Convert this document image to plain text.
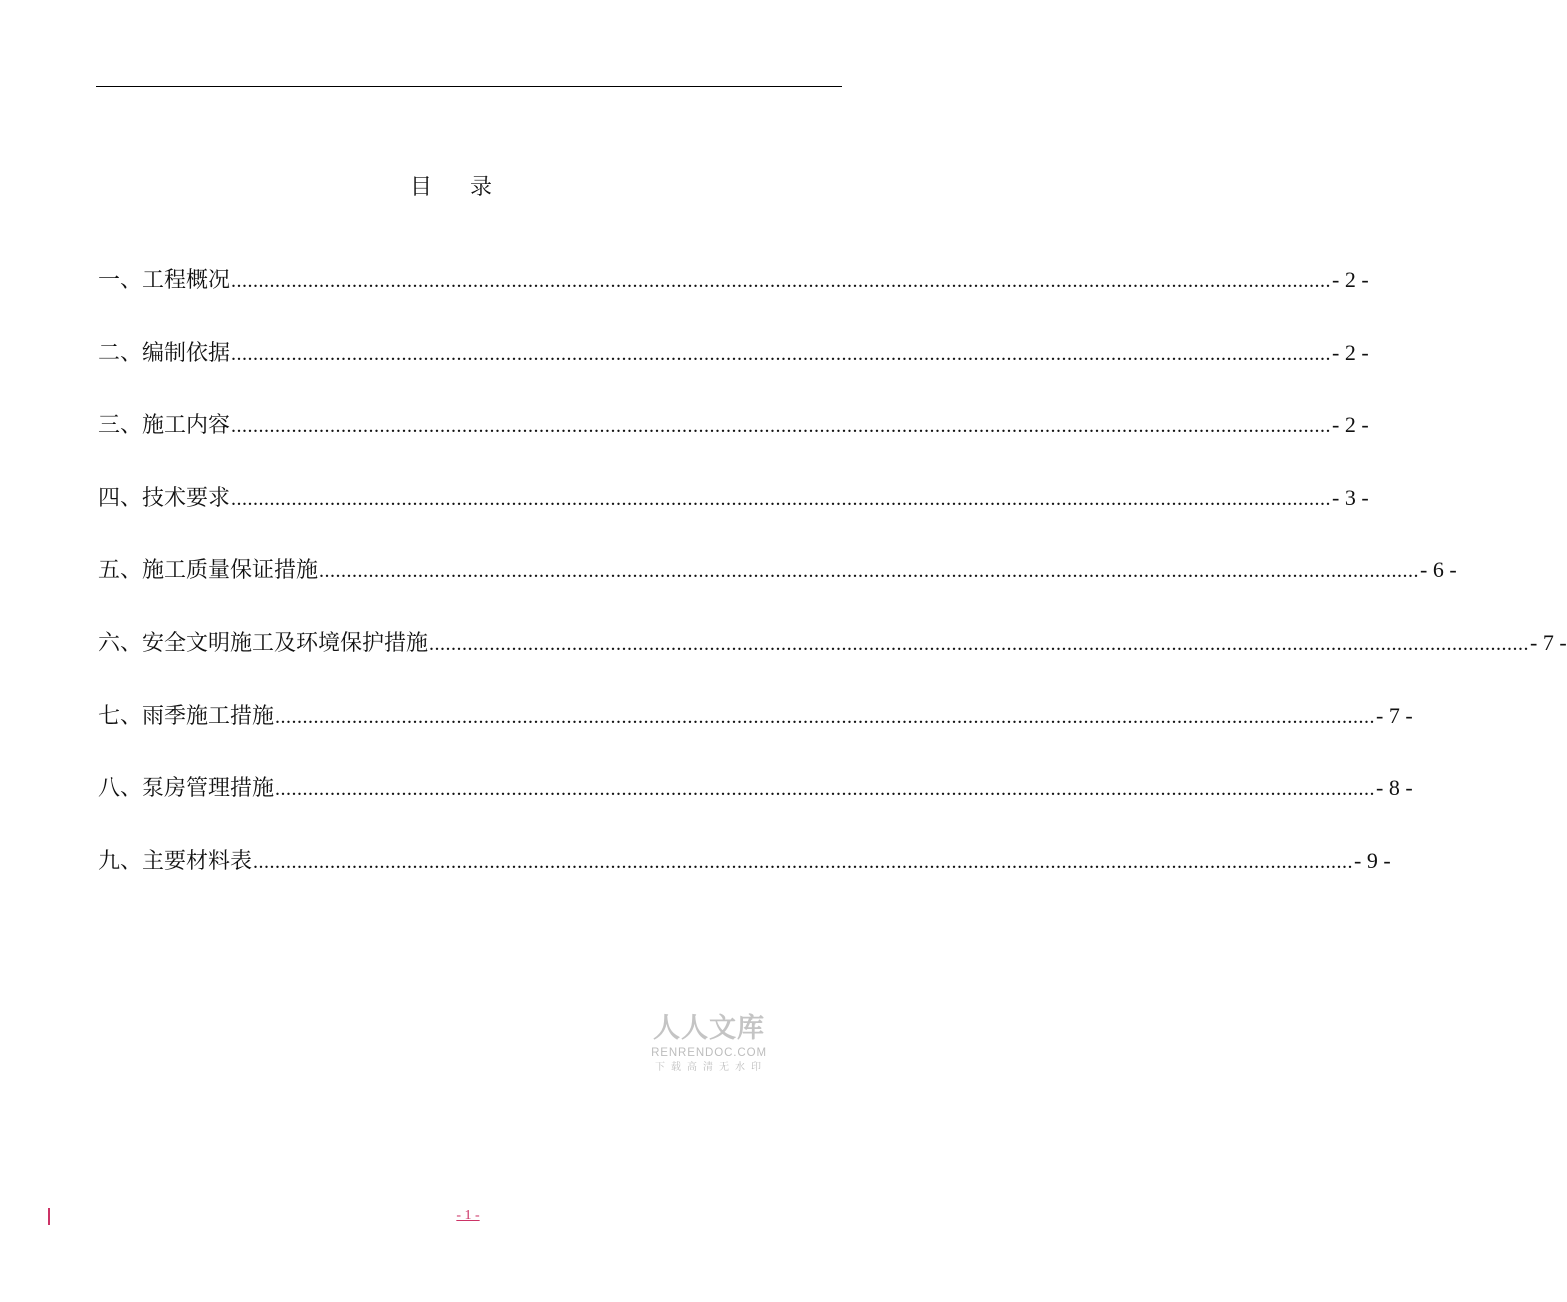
目录
一、 工程概况 ........................................................................................................................................................................................................ - 2 -
二、 编制依据 ........................................................................................................................................................................................................ - 2 -
三、 施工内容 ........................................................................................................................................................................................................ - 2 -
四、 技术要求 ........................................................................................................................................................................................................ - 3 -
五、 施工质量保证措施 ........................................................................................................................................................................................................ - 6 -
六、 安全文明施工及环境保护措施 ........................................................................................................................................................................................................ - 7 -
七、 雨季施工措施 ........................................................................................................................................................................................................ - 7 -
八、 泵房管理措施 ........................................................................................................................................................................................................ - 8 -
九、 主要材料表 ........................................................................................................................................................................................................ - 9 -
人人文库
RENRENDOC.COM
下载高清无水印
- 1 -
